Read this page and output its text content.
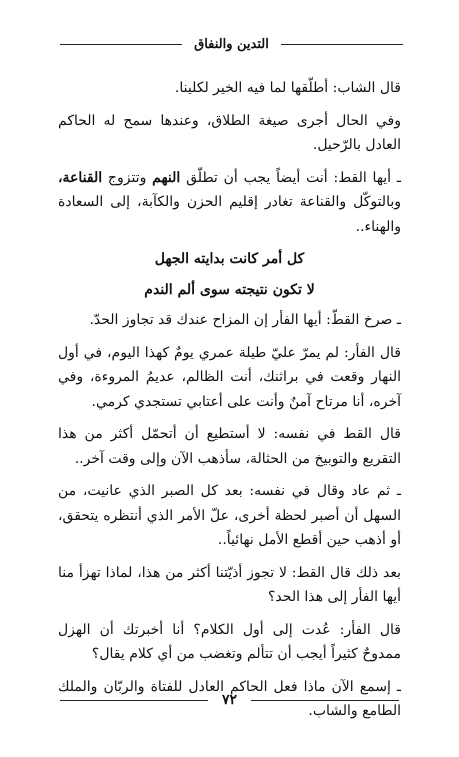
التدين والنفاق

قال الشاب: أطلّقها لما فيه الخير لكلينا.

وفي الحال أجرى صيغة الطلاق، وعندها سمح له الحاكم العادل بالرّحيل.

ـ أيها القط: أنت أيضاً يجب أن تطلّق النهم وتتزوج القناعة، وبالتوكّل والقناعة تغادر إقليم الحزن والكآبة، إلى السعادة والهناء..

كل أمر كانت بدايته الجهل
لا تكون نتيجته سوى ألم الندم

ـ صرخ القطّ: أيها الفأر إن المزاح عندك قد تجاوز الحدّ.

قال الفأر: لم يمرّ عليّ طيلة عمري يومٌ كهذا اليوم، في أول النهار وقعت في براثنك، أنت الظالم، عديمُ المروءة، وفي آخره، أنا مرتاح آمنٌ وأنت على أعتابي تستجدي كرمي.

قال القط في نفسه: لا أستطيع أن أتحمّل أكثر من هذا التقريع والتوبيخ من الحثالة، سأذهب الآن وإلى وقت آخر..

ـ ثم عاد وقال في نفسه: بعد كل الصبر الذي عانيت، من السهل أن أصبر لحظة أخرى، علّ الأمر الذي أنتظره يتحقق، أو أذهب حين أقطع الأمل نهائياً..

بعد ذلك قال القط: لا تجوز أذيّتنا أكثر من هذا، لماذا تهزأ منا أيها الفأر إلى هذا الحد؟

قال الفأر: عُدت إلى أول الكلام؟ أنا أخبرتك أن الهزل ممدوحٌ كثيراً أيجب أن تتألم وتغضب من أي كلام يقال؟

ـ إسمع الآن ماذا فعل الحاكم العادل للفتاة والربّان والملك الطامع والشاب.

٧٢
